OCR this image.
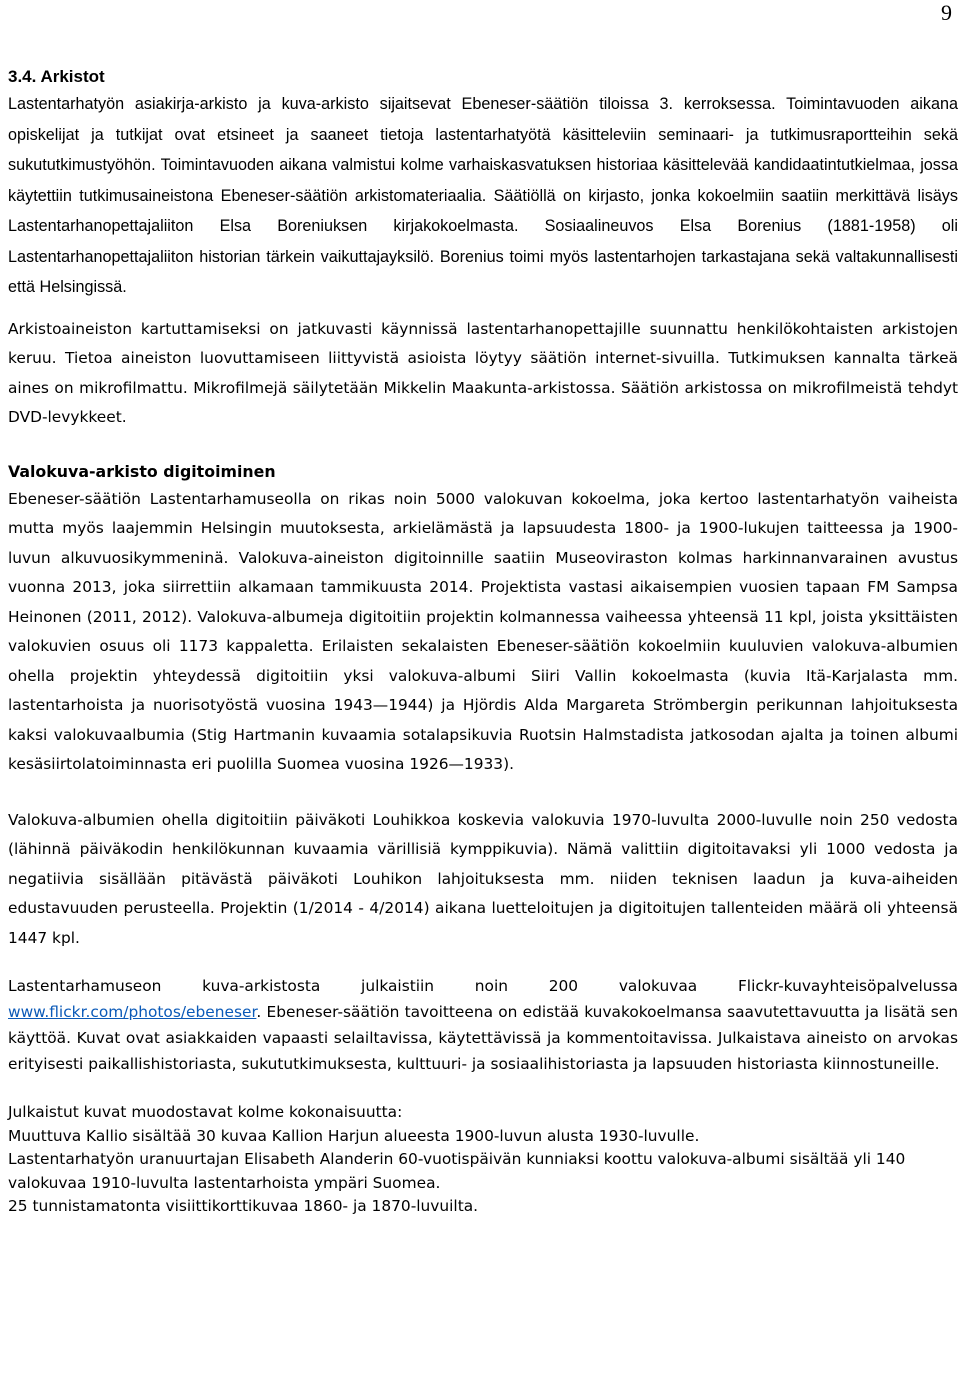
9
3.4. Arkistot

Lastentarhatyön asiakirja-arkisto ja kuva-arkisto sijaitsevat Ebeneser-säätiön tiloissa 3. kerroksessa. Toimintavuoden aikana opiskelijat ja tutkijat ovat etsineet ja saaneet tietoja lastentarhatyötä käsitteleviin seminaari- ja tutkimusraportteihin sekä sukututkimustyöhön. Toimintavuoden aikana valmistui kolme varhaiskasvatuksen historiaa käsittelevää kandidaatintutkielmaa, jossa käytettiin tutkimusaineistona Ebeneser-säätiön arkistomateriaalia. Säätiöllä on kirjasto, jonka kokoelmiin saatiin merkittävä lisäys Lastentarhanopettajaliiton Elsa Boreniuksen kirjakokoelmasta. Sosiaalineuvos Elsa Borenius (1881-1958) oli Lastentarhanopettajaliiton historian tärkein vaikuttajayksilö. Borenius toimi myös lastentarhojen tarkastajana sekä valtakunnallisesti että Helsingissä.

Arkistoaineiston kartuttamiseksi on jatkuvasti käynnissä lastentarhanopettajille suunnattu henkilökohtaisten arkistojen keruu. Tietoa aineiston luovuttamiseen liittyvistä asioista löytyy säätiön internet-sivuilla. Tutkimuksen kannalta tärkeä aines on mikrofilmattu. Mikrofilmejä säilytetään Mikkelin Maakunta-arkistossa. Säätiön arkistossa on mikrofilmeistä tehdyt DVD-levykkeet.

Valokuva-arkisto digitoiminen

Ebeneser-säätiön Lastentarhamuseolla on rikas noin 5000 valokuvan kokoelma, joka kertoo lastentarhatyön vaiheista mutta myös laajemmin Helsingin muutoksesta, arkielämästä ja lapsuudesta 1800- ja 1900-lukujen taitteessa ja 1900-luvun alkuvuosikymmeninä. Valokuva-aineiston digitoinnille saatiin Museoviraston kolmas harkinnanvarainen avustus vuonna 2013, joka siirrettiin alkamaan tammikuusta 2014. Projektista vastasi aikaisempien vuosien tapaan FM Sampsa Heinonen (2011, 2012). Valokuva-albumeja digitoitiin projektin kolmannessa vaiheessa yhteensä 11 kpl, joista yksittäisten valokuvien osuus oli 1173 kappaletta. Erilaisten sekalaisten Ebeneser-säätiön kokoelmiin kuuluvien valokuva-albumien ohella projektin yhteydessä digitoitiin yksi valokuva-albumi Siiri Vallin kokoelmasta (kuvia Itä-Karjalasta mm. lastentarhoista ja nuorisotyöstä vuosina 1943—1944) ja Hjördis Alda Margareta Strömbergin perikunnan lahjoituksesta kaksi valokuvaalbumia (Stig Hartmanin kuvaamia sotalapsikuvia Ruotsin Halmstadista jatkosodan ajalta ja toinen albumi kesäsiirtolatoiminnasta eri puolilla Suomea vuosina 1926—1933).

Valokuva-albumien ohella digitoitiin päiväkoti Louhikkoa koskevia valokuvia 1970-luvulta 2000-luvulle noin 250 vedosta (lähinnä päiväkodin henkilökunnan kuvaamia värillisiä kymppikuvia). Nämä valittiin digitoitavaksi yli 1000 vedosta ja negatiivia sisällään pitävästä päiväkoti Louhikon lahjoituksesta mm. niiden teknisen laadun ja kuva-aiheiden edustavuuden perusteella. Projektin (1/2014 - 4/2014) aikana luetteloitujen ja digitoitujen tallenteiden määrä oli yhteensä 1447 kpl.

Lastentarhamuseon kuva-arkistosta julkaistiin noin 200 valokuvaa Flickr-kuvayhteisöpalvelussa www.flickr.com/photos/ebeneser. Ebeneser-säätiön tavoitteena on edistää kuvakokoelmansa saavutettavuutta ja lisätä sen käyttöä. Kuvat ovat asiakkaiden vapaasti selailtavissa, käytettävissä ja kommentoitavissa. Julkaistava aineisto on arvokas erityisesti paikallishistoriasta, sukututkimuksesta, kulttuuri- ja sosiaalihistoriasta ja lapsuuden historiasta kiinnostuneille.

Julkaistut kuvat muodostavat kolme kokonaisuutta:

Muuttuva Kallio sisältää 30 kuvaa Kallion Harjun alueesta 1900-luvun alusta 1930-luvulle.

Lastentarhatyön uranuurtajan Elisabeth Alanderin 60-vuotispäivän kunniaksi koottu valokuva-albumi sisältää yli 140 valokuvaa 1910-luvulta lastentarhoista ympäri Suomea.

25 tunnistamatonta visiittikorttikuvaa 1860- ja 1870-luvuilta.
